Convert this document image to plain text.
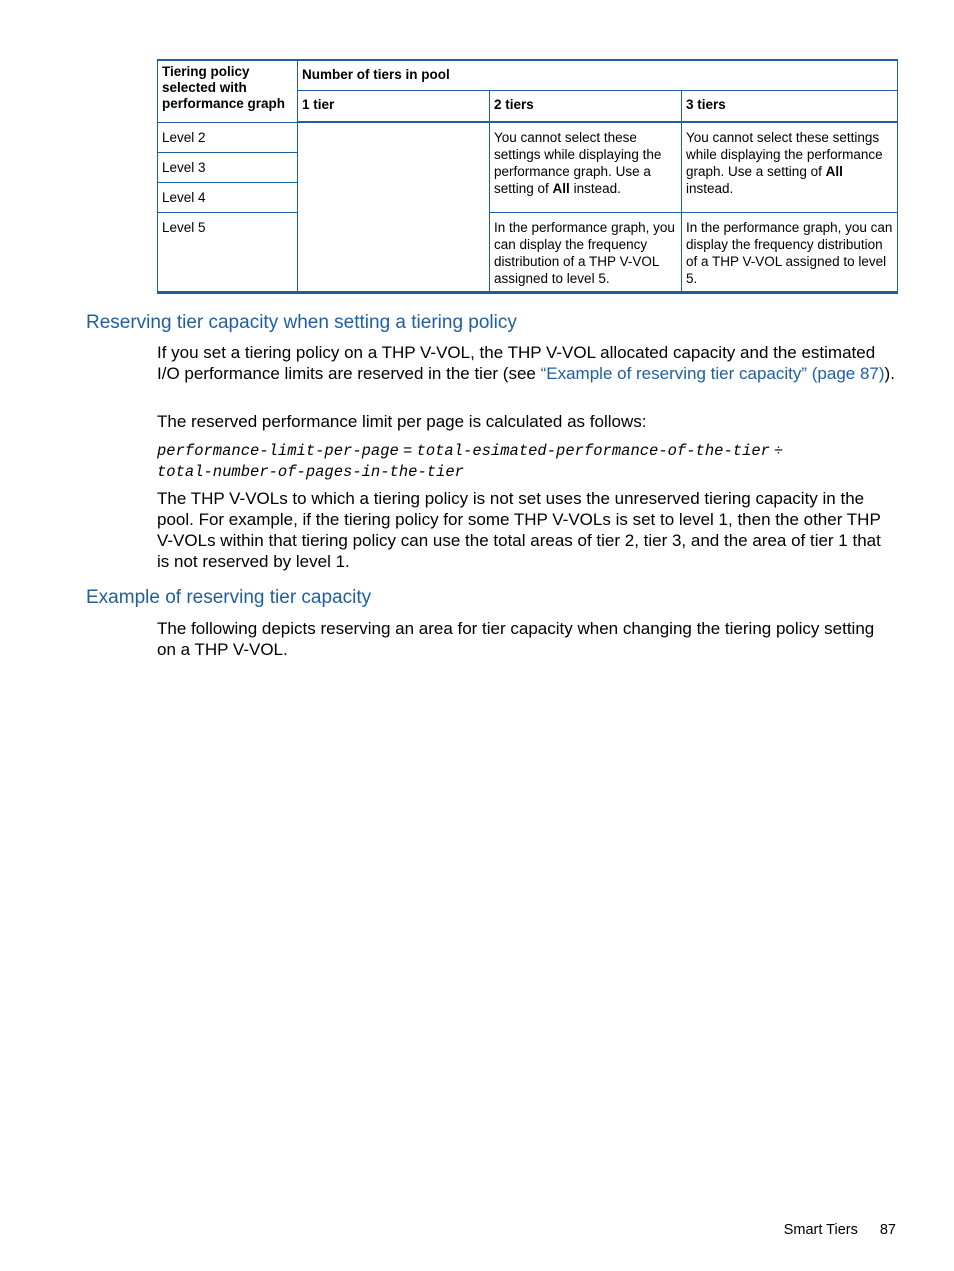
Tiering policy selected with performance graph	Number of tiers in pool		
	1 tier	2 tiers	3 tiers
Level 2		You cannot select these settings while displaying the performance graph. Use a setting of All instead.	You cannot select these settings while displaying the performance graph. Use a setting of All instead.
Level 3			
Level 4			
Level 5		In the performance graph, you can display the frequency distribution of a THP V-VOL assigned to level 5.	In the performance graph, you can display the frequency distribution of a THP V-VOL assigned to level 5.
Reserving tier capacity when setting a tiering policy

If you set a tiering policy on a THP V-VOL, the THP V-VOL allocated capacity and the estimated I/O performance limits are reserved in the tier (see “Example of reserving tier capacity” (page 87)).

The reserved performance limit per page is calculated as follows:

performance-limit-per-page = total-esimated-performance-of-the-tier ÷
total-number-of-pages-in-the-tier

The THP V-VOLs to which a tiering policy is not set uses the unreserved tiering capacity in the pool. For example, if the tiering policy for some THP V-VOLs is set to level 1, then the other THP V-VOLs within that tiering policy can use the total areas of tier 2, tier 3, and the area of tier 1 that is not reserved by level 1.

Example of reserving tier capacity

The following depicts reserving an area for tier capacity when changing the tiering policy setting on a THP V-VOL.

Smart Tiers 87
